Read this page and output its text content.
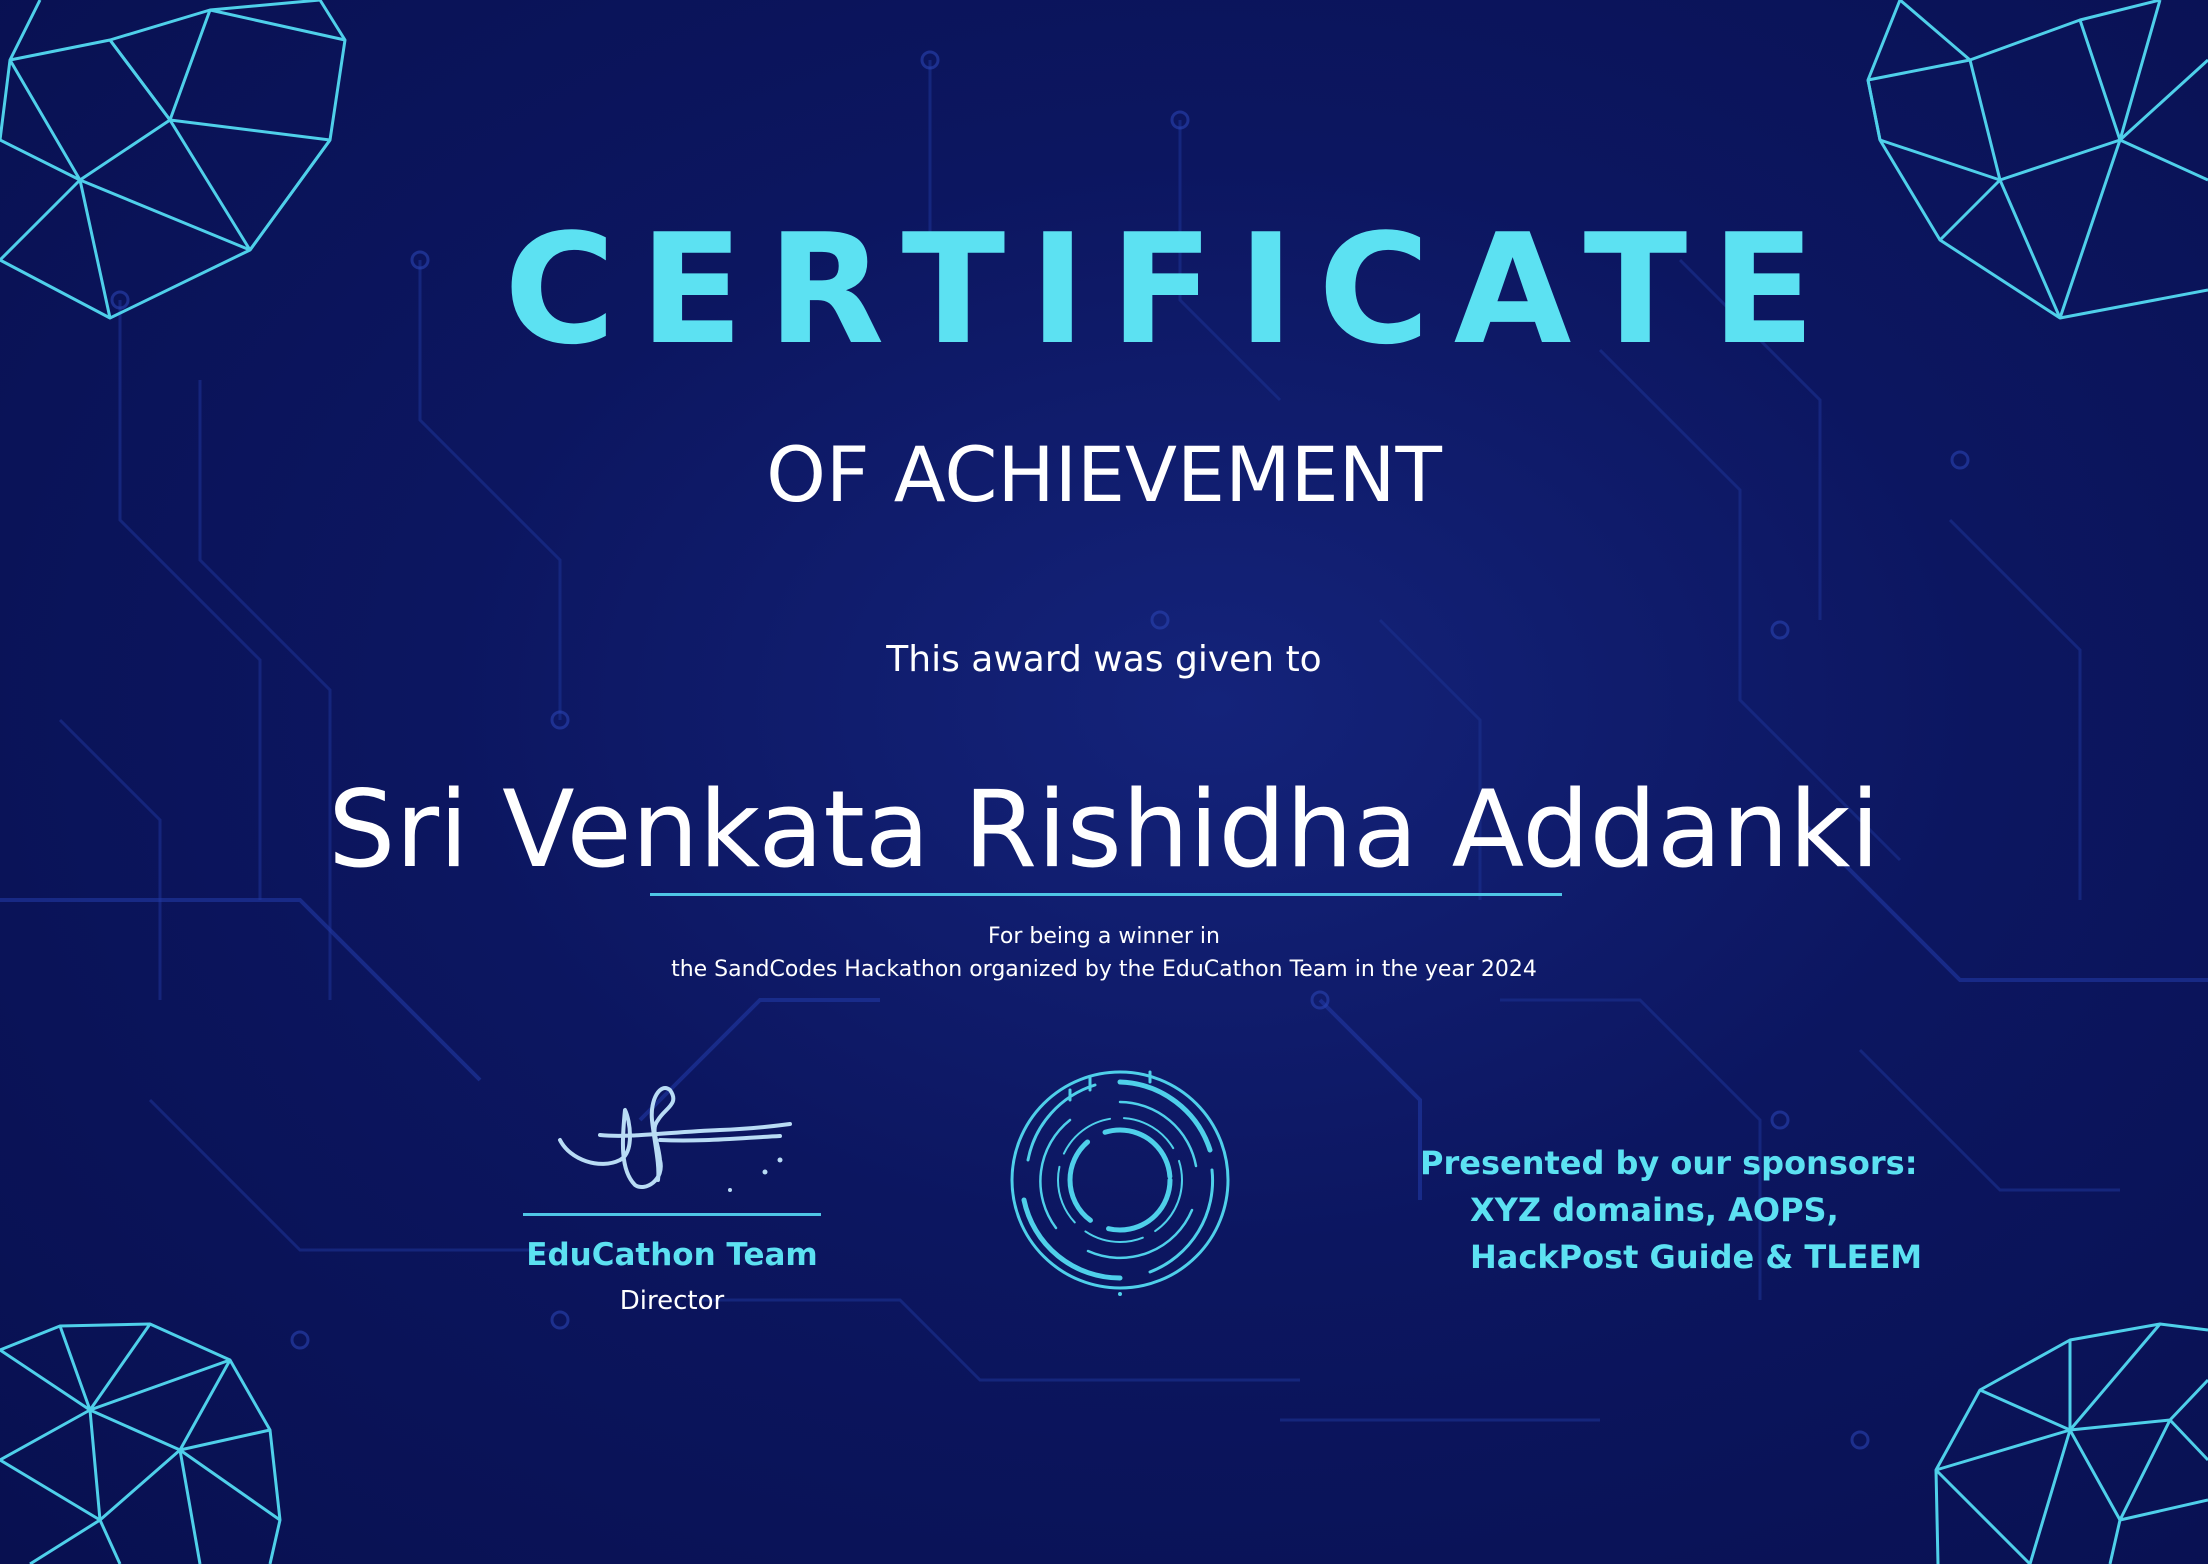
CERTIFICATE
OF ACHIEVEMENT
This award was given to
Sri Venkata Rishidha Addanki
For being a winner in
the SandCodes Hackathon organized by the EduCathon Team in the year 2024
EduCathon Team
Director
Presented by our sponsors:
XYZ domains, AOPS,
HackPost Guide & TLEEM
